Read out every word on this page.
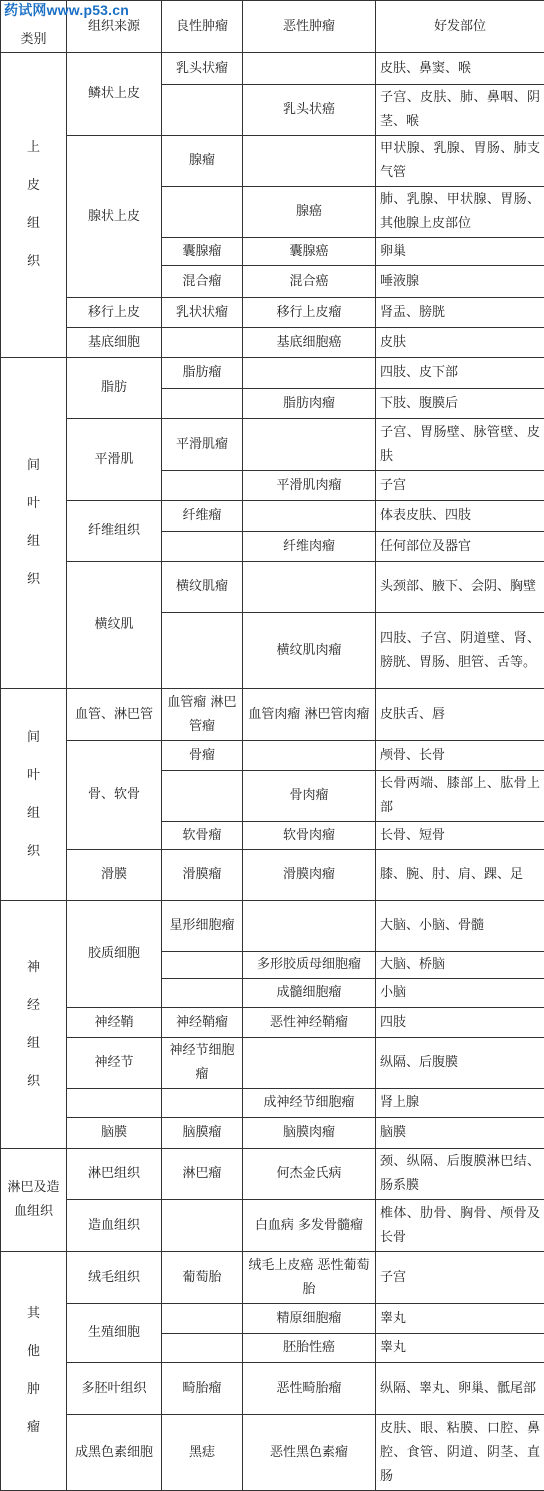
药试网www.p53.cn
类别	组织来源	良性肿瘤	恶性肿瘤	好发部位

上
皮
组
织	鳞状上皮	乳头状瘤		皮肤、鼻窦、喉
			乳头状癌	子宫、皮肤、肺、鼻咽、阴茎、喉
	腺状上皮	腺瘤		甲状腺、乳腺、胃肠、肺支气管
			腺癌	肺、乳腺、甲状腺、胃肠、其他腺上皮部位
		囊腺瘤	囊腺癌	卵巢
		混合瘤	混合癌	唾液腺
	移行上皮	乳状状瘤	移行上皮瘤	肾盂、膀胱
	基底细胞		基底细胞癌	皮肤

间
叶
组
织	脂肪	脂肪瘤		四肢、皮下部
			脂肪肉瘤	下肢、腹膜后
	平滑肌	平滑肌瘤		子宫、胃肠壁、脉管壁、皮肤
			平滑肌肉瘤	子宫
	纤维组织	纤维瘤		体表皮肤、四肢
			纤维肉瘤	任何部位及器官
	横纹肌	横纹肌瘤		头颈部、腋下、会阴、胸壁
			横纹肌肉瘤	四肢、子宫、阴道壁、肾、膀胱、胃肠、胆管、舌等。

间
叶
组
织	血管、淋巴管	血管瘤 淋巴管瘤	血管肉瘤 淋巴管肉瘤	皮肤舌、唇
	骨、软骨	骨瘤		颅骨、长骨
			骨肉瘤	长骨两端、膝部上、肱骨上部
		软骨瘤	软骨肉瘤	长骨、短骨
	滑膜	滑膜瘤	滑膜肉瘤	膝、腕、肘、肩、踝、足

神
经
组
织	胶质细胞	星形细胞瘤		大脑、小脑、骨髓
			多形胶质母细胞瘤	大脑、桥脑
			成髓细胞瘤	小脑
	神经鞘	神经鞘瘤	恶性神经鞘瘤	四肢
	神经节	神经节细胞瘤		纵隔、后腹膜
			成神经节细胞瘤	肾上腺
	脑膜	脑膜瘤	脑膜肉瘤	脑膜
淋巴及造血组织	淋巴组织	淋巴瘤	何杰金氏病	颈、纵隔、后腹膜淋巴结、肠系膜
	造血组织		白血病 多发骨髓瘤	椎体、肋骨、胸骨、颅骨及长骨

其
他
肿
瘤	绒毛组织	葡萄胎	绒毛上皮癌 恶性葡萄胎	子宫
	生殖细胞		精原细胞瘤	睾丸
			胚胎性癌	睾丸
	多胚叶组织	畸胎瘤	恶性畸胎瘤	纵隔、睾丸、卵巢、骶尾部
	成黑色素细胞	黑痣	恶性黑色素瘤	皮肤、眼、粘膜、口腔、鼻腔、食管、阴道、阴茎、直肠
